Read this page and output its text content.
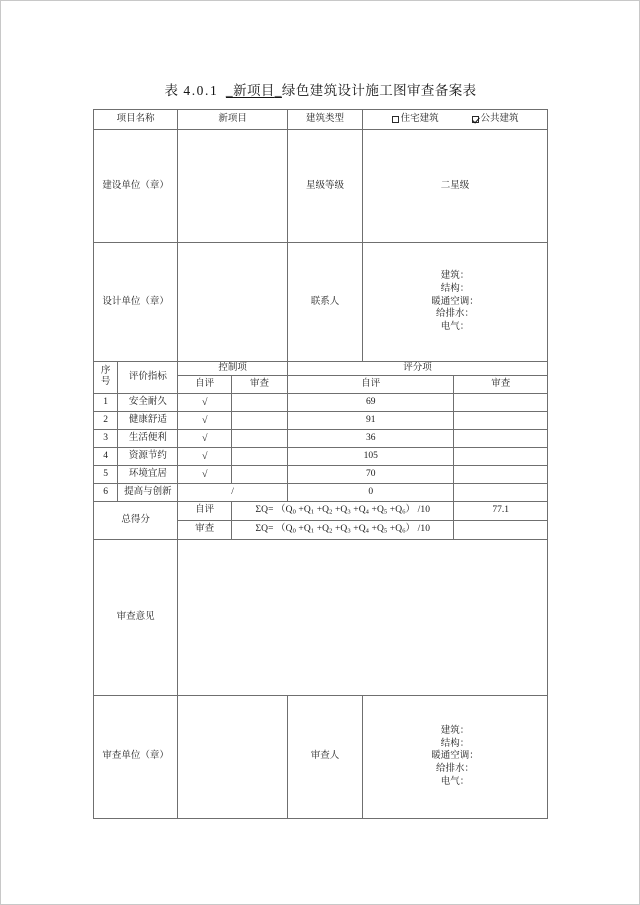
表 4.0.1 _新项目_绿色建筑设计施工图审查备案表
项目名称		新项目		建筑类型	住宅建筑 公共建筑	

建设单位（章）				星级等级	二星级	
设计单位（章）				联系人	建筑：
结构：
暖通空调：
给排水：
电气：	

序
号	评价指标	控制项		评分项		
		自评	审查	自评		审查
1	安全耐久	√		69		
2	健康舒适	√		91		
3	生活便利	√		36		
4	资源节约	√		105		
5	环境宜居	√		70		
6	提高与创新	/		0		
总得分		自评	$\Sigma Q= (Q_0 +Q_1 +Q_2 +Q_3 +Q_4 +Q_5 +Q_6)$ /10			77.1
		审查	$\Sigma Q= (Q_0 +Q_1 +Q_2 +Q_3 +Q_4 +Q_5 +Q_6)$ /10			
审查意见						
审查单位（章）				审查人	建筑：
结构：
暖通空调：
给排水：
电气：	
